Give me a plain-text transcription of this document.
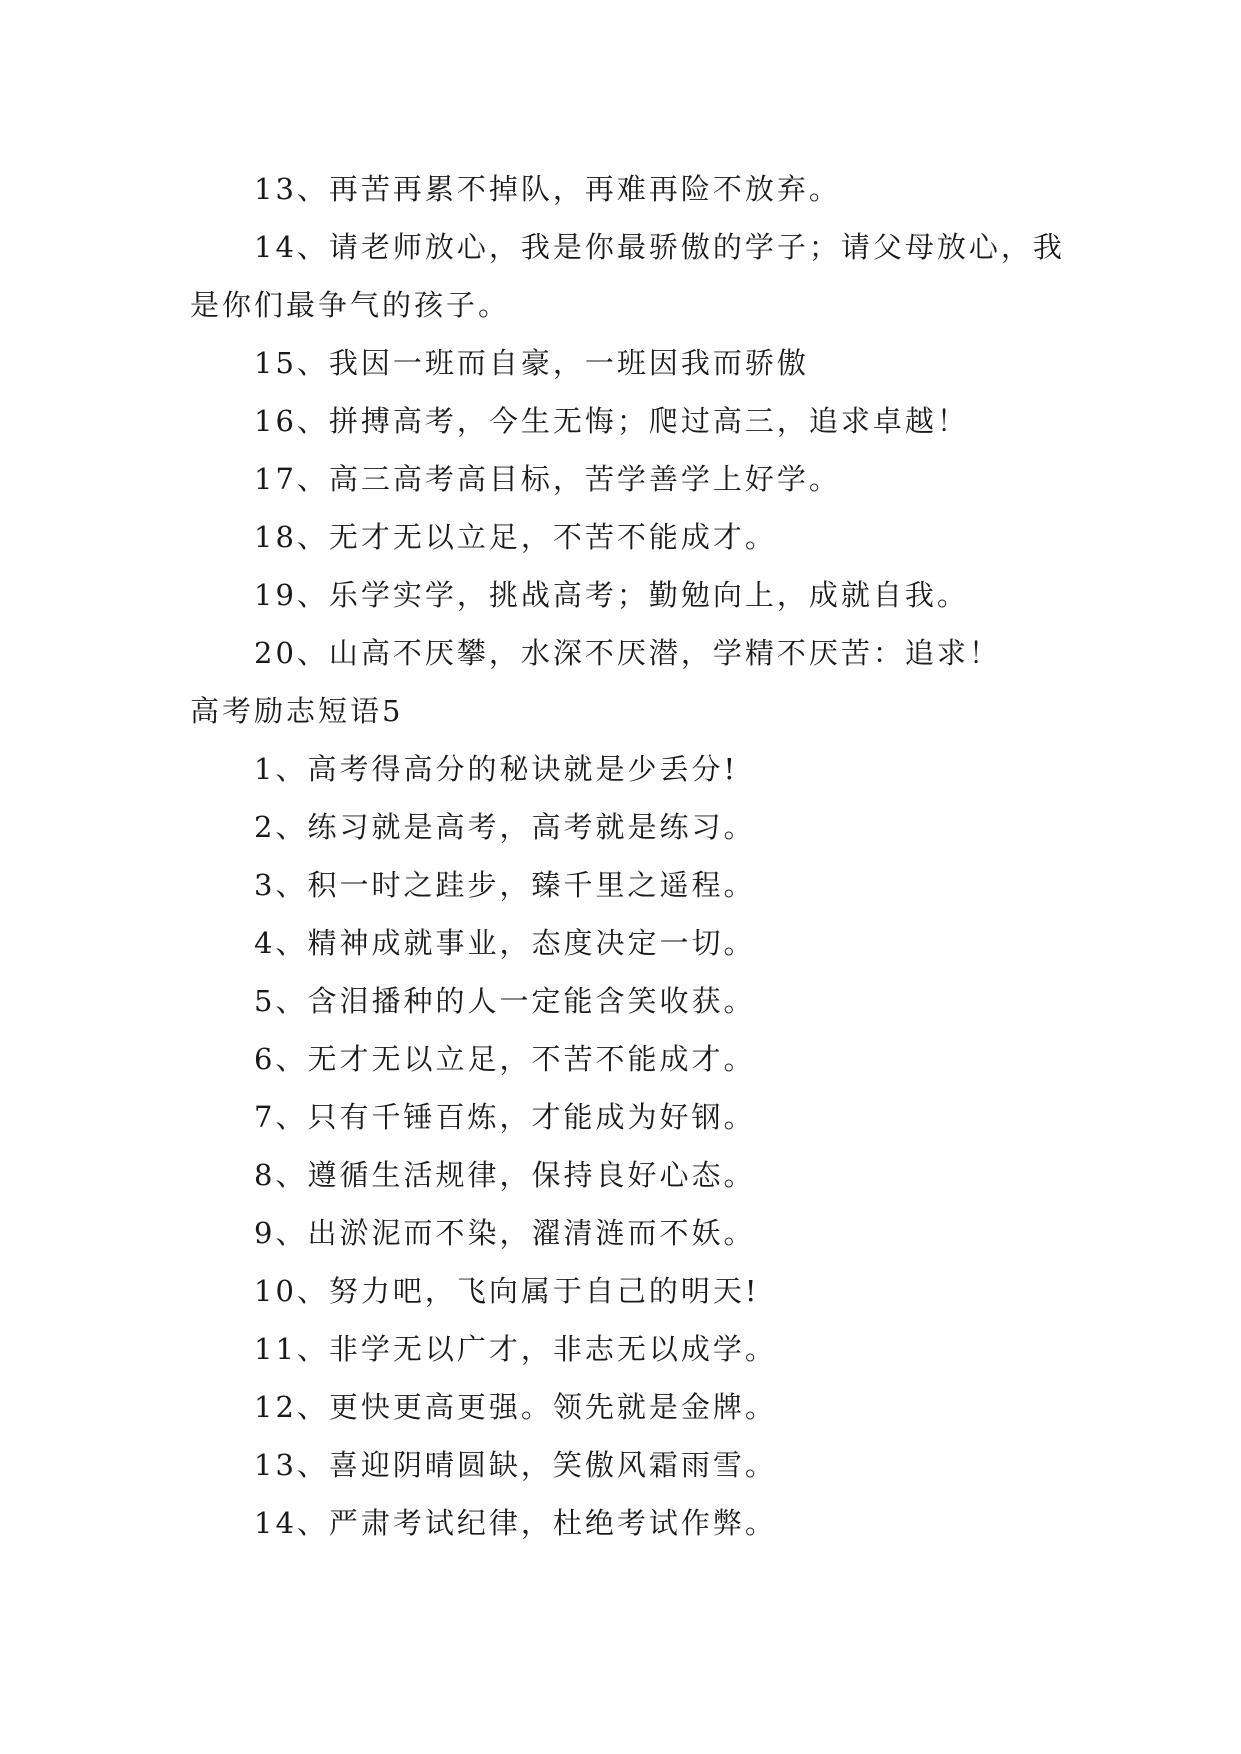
13、再苦再累不掉队，再难再险不放弃。
14、请老师放心，我是你最骄傲的学子；请父母放心，我是你们最争气的孩子。
15、我因一班而自豪，一班因我而骄傲
16、拼搏高考，今生无悔；爬过高三，追求卓越！
17、高三高考高目标，苦学善学上好学。
18、无才无以立足，不苦不能成才。
19、乐学实学，挑战高考；勤勉向上，成就自我。
20、山高不厌攀，水深不厌潜，学精不厌苦：追求！
高考励志短语5
1、高考得高分的秘诀就是少丢分!
2、练习就是高考，高考就是练习。
3、积一时之跬步，臻千里之遥程。
4、精神成就事业，态度决定一切。
5、含泪播种的人一定能含笑收获。
6、无才无以立足，不苦不能成才。
7、只有千锤百炼，才能成为好钢。
8、遵循生活规律，保持良好心态。
9、出淤泥而不染，濯清涟而不妖。
10、努力吧，飞向属于自己的明天!
11、非学无以广才，非志无以成学。
12、更快更高更强。领先就是金牌。
13、喜迎阴晴圆缺，笑傲风霜雨雪。
14、严肃考试纪律，杜绝考试作弊。
